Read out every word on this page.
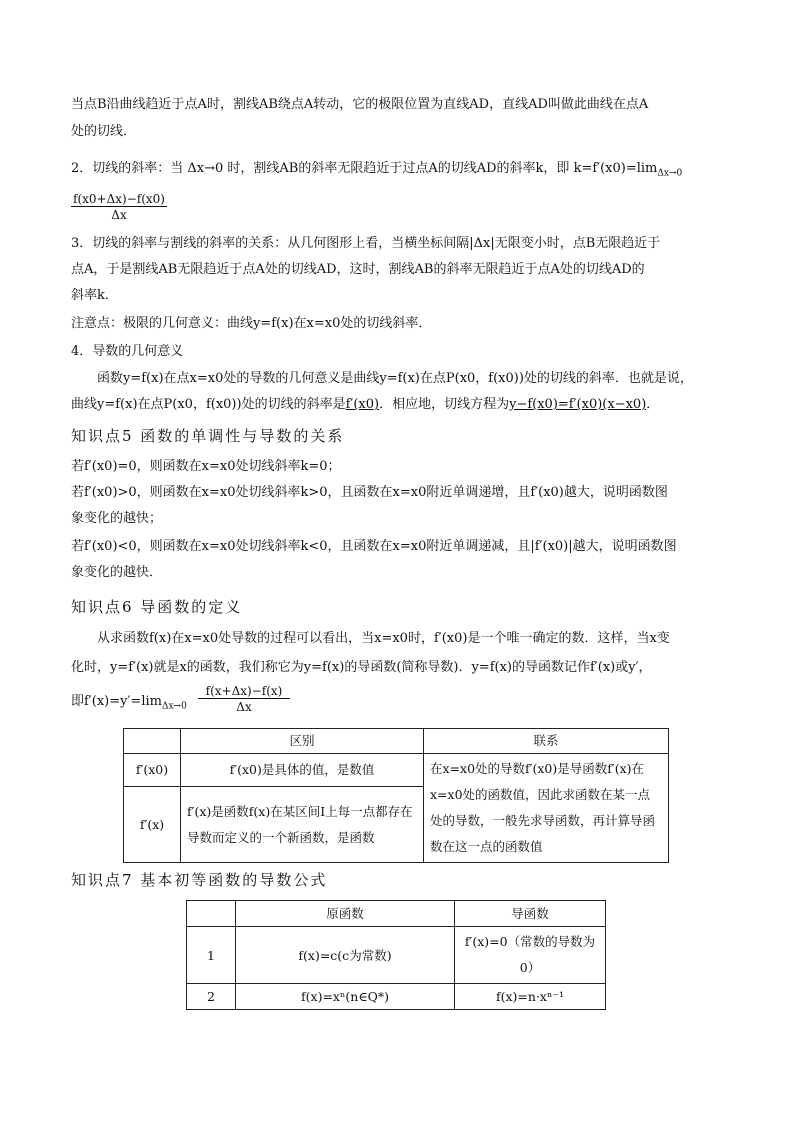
当点B沿曲线趋近于点A时，割线AB绕点A转动，它的极限位置为直线AD，直线AD叫做此曲线在点A
处的切线．
2．切线的斜率：当 Δx→0 时，割线AB的斜率无限趋近于过点A的切线AD的斜率k，即 $k=f'(x0)=\lim_{\Delta x\to 0}$
$\frac{f(x0+\Delta x)-f(x0)}{\Delta x}$
3．切线的斜率与割线的斜率的关系：从几何图形上看，当横坐标间隔|Δx|无限变小时，点B无限趋近于
点A，于是割线AB无限趋近于点A处的切线AD，这时，割线AB的斜率无限趋近于点A处的切线AD的
斜率k.
注意点：极限的几何意义：曲线y=f(x)在x=x0处的切线斜率．
4．导数的几何意义
函数y=f(x)在点x=x0处的导数的几何意义是曲线y=f(x)在点P(x0，f(x0))处的切线的斜率．也就是说，
曲线y=f(x)在点P(x0，f(x0))处的切线的斜率是f′(x0)．相应地，切线方程为y−f(x0)=f′(x0)(x−x0)．
知识点5 函数的单调性与导数的关系
若f′(x0)=0，则函数在x=x0处切线斜率k=0；
若f′(x0)>0，则函数在x=x0处切线斜率k>0，且函数在x=x0附近单调递增，且f′(x0)越大，说明函数图
象变化的越快；
若f′(x0)<0，则函数在x=x0处切线斜率k<0，且函数在x=x0附近单调递减，且|f′(x0)|越大，说明函数图
象变化的越快．
知识点6 导函数的定义
从求函数f(x)在x=x0处导数的过程可以看出，当x=x0时，f′(x0)是一个唯一确定的数．这样，当x变
化时，y=f′(x)就是x的函数，我们称它为y=f(x)的导函数(简称导数)．y=f(x)的导函数记作f′(x)或y′，
即$f'(x)=y'=\lim_{\Delta x\to 0} \frac{f(x+\Delta x)-f(x)}{\Delta x}$
	区别	联系
f′(x0)	f′(x0)是具体的值，是数值	在x=x0处的导数f′(x0)是导函数f′(x)在x=x0处的函数值，因此求函数在某一点处的导数，一般先求导函数，再计算导函数在这一点的函数值
f′(x)	f′(x)是函数f(x)在某区间I上每一点都存在导数而定义的一个新函数，是函数	
知识点7 基本初等函数的导数公式
	原函数	导函数
1	f(x)=c(c为常数)	f′(x)=0（常数的导数为0）
2	f(x)=xⁿ(n∈Q*)	f(x)=n·xⁿ⁻¹
